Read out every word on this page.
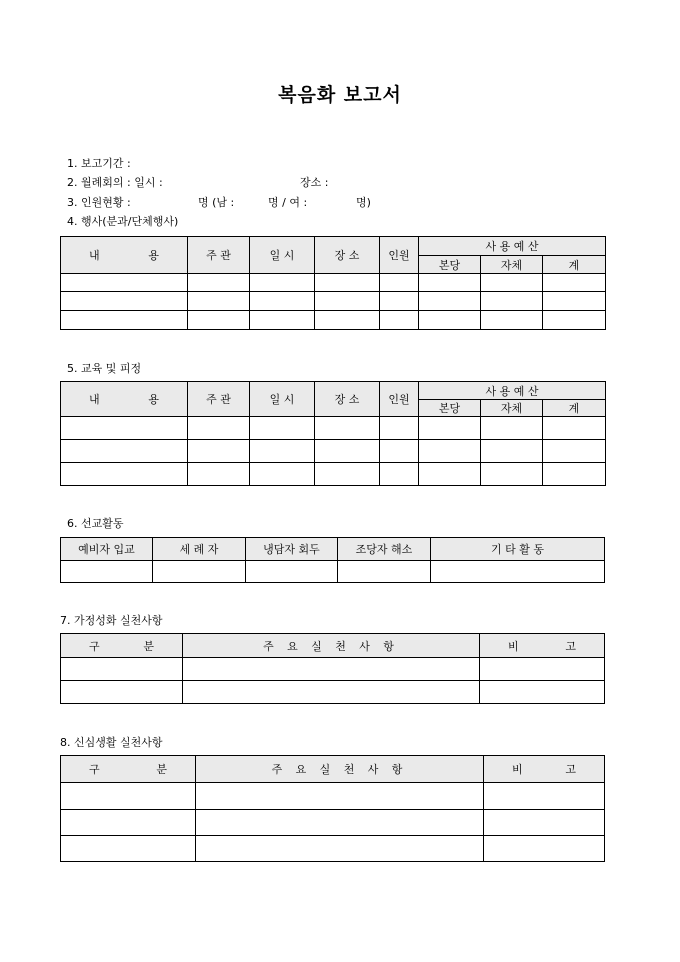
복음화 보고서
1. 보고기간 :
2. 월례회의 : 일시 :	장소 :
3. 인원현황 :	명 (남 :	명 / 여 :	명)
4. 행사(분과/단체행사)
내 용	주 관	일 시	장 소	인원	사 용 예 산		
					본당	자체	계

5. 교육 및 피정
내 용	주 관	일 시	장 소	인원	사 용 예 산		
					본당	자체	계

6. 선교활동
예비자 입교	세 례 자	냉담자 회두	조당자 해소	기 타 활 동

7. 가정성화 실천사항
구 분	주 요 실 천 사 항	비 고

8. 신심생활 실천사항
구 분	주 요 실 천 사 항	비 고
